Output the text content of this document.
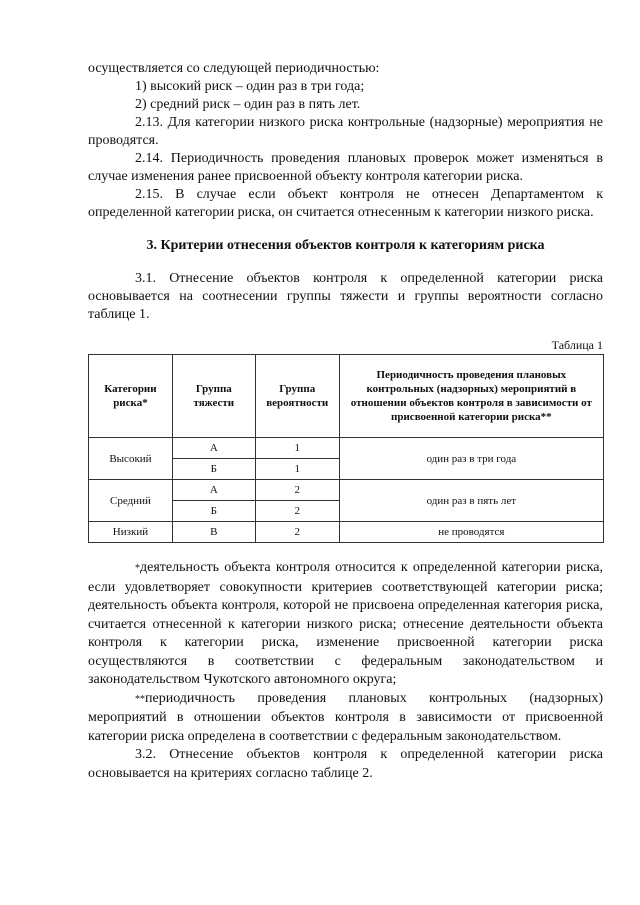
осуществляется со следующей периодичностью:

1) высокий риск – один раз в три года;

2) средний риск – один раз в пять лет.

2.13. Для категории низкого риска контрольные (надзорные) мероприятия не проводятся.

2.14. Периодичность проведения плановых проверок может изменяться в случае изменения ранее присвоенной объекту контроля категории риска.

2.15. В случае если объект контроля не отнесен Департаментом к определенной категории риска, он считается отнесенным к категории низкого риска.

3. Критерии отнесения объектов контроля к категориям риска

3.1. Отнесение объектов контроля к определенной категории риска основывается на соотнесении группы тяжести и группы вероятности согласно таблице 1.

Таблица 1
Категории риска*	Группа тяжести	Группа вероятности	Периодичность проведения плановых контрольных (надзорных) мероприятий в отношении объектов контроля в зависимости от присвоенной категории риска**
Высокий	А	1	один раз в три года
	Б	1	
Средний	А	2	один раз в пять лет
	Б	2	
Низкий	В	2	не проводятся

*деятельность объекта контроля относится к определенной категории риска, если удовлетворяет совокупности критериев соответствующей категории риска; деятельность объекта контроля, которой не присвоена определенная категория риска, считается отнесенной к категории низкого риска; отнесение деятельности объекта контроля к категории риска, изменение присвоенной категории риска осуществляются в соответствии с федеральным законодательством и законодательством Чукотского автономного округа;

**периодичность проведения плановых контрольных (надзорных) мероприятий в отношении объектов контроля в зависимости от присвоенной категории риска определена в соответствии с федеральным законодательством.

3.2. Отнесение объектов контроля к определенной категории риска основывается на критериях согласно таблице 2.
